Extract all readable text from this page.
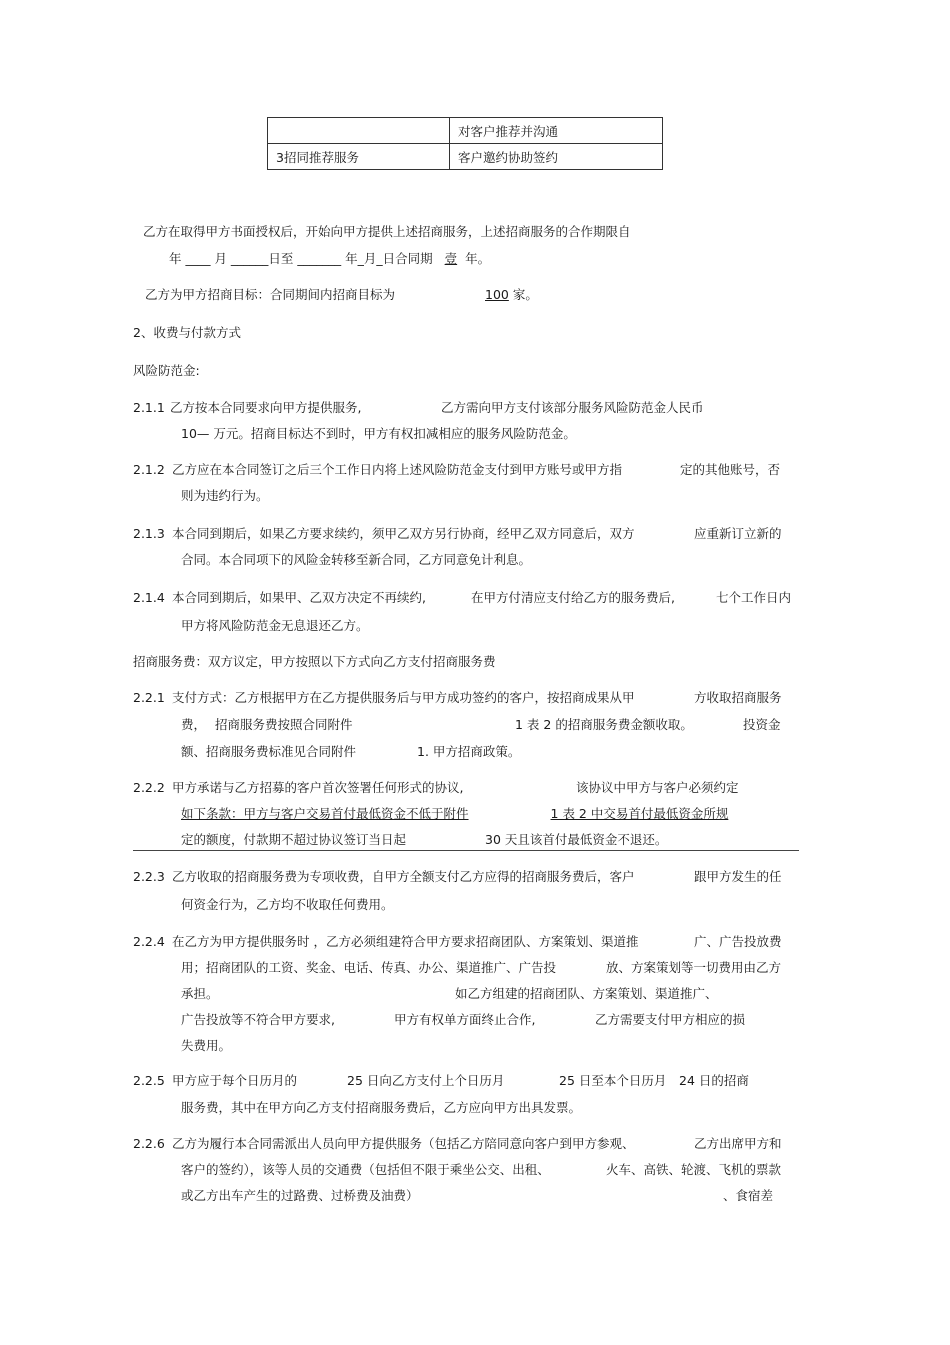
	对客户推荐并沟通
3招同推荐服务	客户邀约协助签约
乙方在取得甲方书面授权后，开始向甲方提供上述招商服务，上述招商服务的合作期限自
年 ____ 月 ______日至 _______ 年_月_日合同期 壹 年。
乙方为甲方招商目标：合同期间内招商目标为	100 家。
2、收费与付款方式
风险防范金:
2.1.1 乙方按本合同要求向甲方提供服务,	乙方需向甲方支付该部分服务风险防范金人民币
10— 万元。招商目标达不到时，甲方有权扣减相应的服务风险防范金。
2.1.2 乙方应在本合同签订之后三个工作日内将上述风险防范金支付到甲方账号或甲方指	定的其他账号，否
则为违约行为。
2.1.3 本合同到期后，如果乙方要求续约，须甲乙双方另行协商，经甲乙双方同意后，双方	应重新订立新的
合同。本合同项下的风险金转移至新合同，乙方同意免计利息。
2.1.4 本合同到期后，如果甲、乙双方决定不再续约,	在甲方付清应支付给乙方的服务费后,	七个工作日内
甲方将风险防范金无息退还乙方。
招商服务费：双方议定，甲方按照以下方式向乙方支付招商服务费
2.2.1 支付方式：乙方根据甲方在乙方提供服务后与甲方成功签约的客户，按招商成果从甲	方收取招商服务
费， 招商服务费按照合同附件	1 表 2 的招商服务费金额收取。	投资金
额、招商服务费标准见合同附件	1. 甲方招商政策。
2.2.2 甲方承诺与乙方招募的客户首次签署任何形式的协议,	该协议中甲方与客户必须约定
如下条款：甲方与客户交易首付最低资金不低于附件	1 表 2 中交易首付最低资金所规
定的额度，付款期不超过协议签订当日起	30 天且该首付最低资金不退还。
2.2.3 乙方收取的招商服务费为专项收费，自甲方全额支付乙方应得的招商服务费后，客户	跟甲方发生的任
何资金行为，乙方均不收取任何费用。
2.2.4 在乙方为甲方提供服务时 ，乙方必须组建符合甲方要求招商团队、方案策划、渠道推	广、广告投放费
用；招商团队的工资、奖金、电话、传真、办公、渠道推广、广告投	放、方案策划等一切费用由乙方
承担。	如乙方组建的招商团队、方案策划、渠道推广、
广告投放等不符合甲方要求,	甲方有权单方面终止合作,	乙方需要支付甲方相应的损
失费用。
2.2.5 甲方应于每个日历月的	25 日向乙方支付上个日历月	25 日至本个日历月 24 日的招商
服务费，其中在甲方向乙方支付招商服务费后，乙方应向甲方出具发票。
2.2.6 乙方为履行本合同需派出人员向甲方提供服务（包括乙方陪同意向客户到甲方参观、	乙方出席甲方和
客户的签约），该等人员的交通费（包括但不限于乘坐公交、出租、	火车、高铁、轮渡、飞机的票款
或乙方出车产生的过路费、过桥费及油费）	、食宿差
